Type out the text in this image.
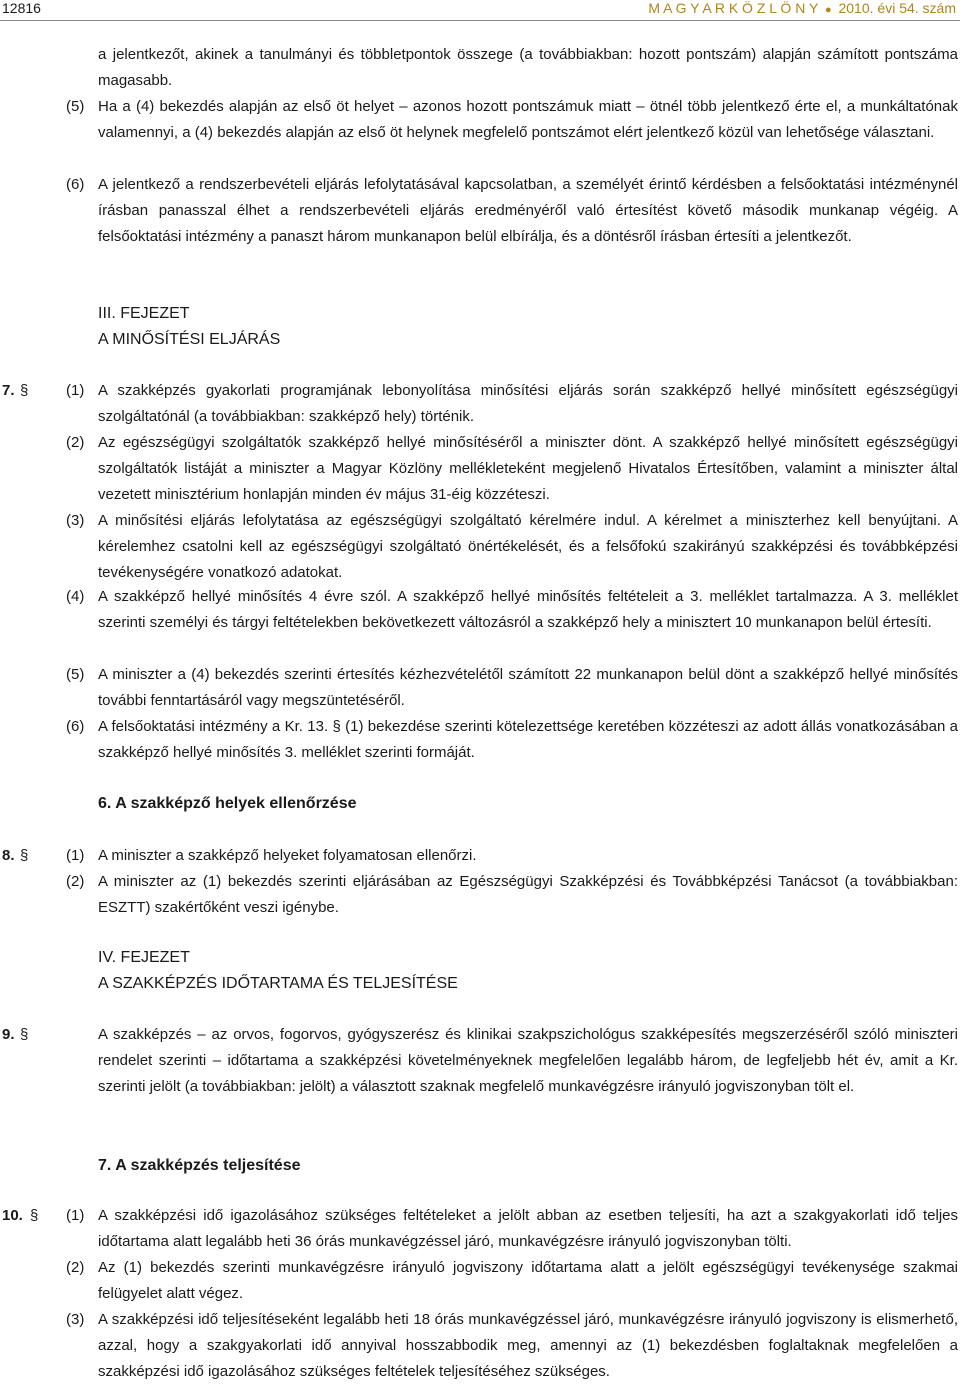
12816	M A G Y A R K Ö Z L Ö N Y ● 2010. évi 54. szám
a jelentkezőt, akinek a tanulmányi és többletpontok összege (a továbbiakban: hozott pontszám) alapján számított pontszáma magasabb.
(5) Ha a (4) bekezdés alapján az első öt helyet – azonos hozott pontszámuk miatt – ötnél több jelentkező érte el, a munkáltatónak valamennyi, a (4) bekezdés alapján az első öt helynek megfelelő pontszámot elért jelentkező közül van lehetősége választani.
(6) A jelentkező a rendszerbevételi eljárás lefolytatásával kapcsolatban, a személyét érintő kérdésben a felsőoktatási intézménynél írásban panasszal élhet a rendszerbevételi eljárás eredményéről való értesítést követő második munkanap végéig. A felsőoktatási intézmény a panaszt három munkanapon belül elbírálja, és a döntésről írásban értesíti a jelentkezőt.
III. FEJEZET
A MINŐSÍTÉSI ELJÁRÁS
7. §	(1) A szakképzés gyakorlati programjának lebonyolítása minősítési eljárás során szakképző hellyé minősített egészségügyi szolgáltatónál (a továbbiakban: szakképző hely) történik.
(2) Az egészségügyi szolgáltatók szakképző hellyé minősítéséről a miniszter dönt. A szakképző hellyé minősített egészségügyi szolgáltatók listáját a miniszter a Magyar Közlöny mellékleteként megjelenő Hivatalos Értesítőben, valamint a miniszter által vezetett minisztérium honlapján minden év május 31-éig közzéteszi.
(3) A minősítési eljárás lefolytatása az egészségügyi szolgáltató kérelmére indul. A kérelmet a miniszterhez kell benyújtani. A kérelemhez csatolni kell az egészségügyi szolgáltató önértékelését, és a felsőfokú szakirányú szakképzési és továbbképzési tevékenységére vonatkozó adatokat.
(4) A szakképző hellyé minősítés 4 évre szól. A szakképző hellyé minősítés feltételeit a 3. melléklet tartalmazza. A 3. melléklet szerinti személyi és tárgyi feltételekben bekövetkezett változásról a szakképző hely a minisztert 10 munkanapon belül értesíti.
(5) A miniszter a (4) bekezdés szerinti értesítés kézhezvételétől számított 22 munkanapon belül dönt a szakképző hellyé minősítés további fenntartásáról vagy megszüntetéséről.
(6) A felsőoktatási intézmény a Kr. 13. § (1) bekezdése szerinti kötelezettsége keretében közzéteszi az adott állás vonatkozásában a szakképző hellyé minősítés 3. melléklet szerinti formáját.
6. A szakképző helyek ellenőrzése
8. §	(1) A miniszter a szakképző helyeket folyamatosan ellenőrzi.
(2) A miniszter az (1) bekezdés szerinti eljárásában az Egészségügyi Szakképzési és Továbbképzési Tanácsot (a továbbiakban: ESZTT) szakértőként veszi igénybe.
IV. FEJEZET
A SZAKKÉPZÉS IDŐTARTAMA ÉS TELJESÍTÉSE
9. §	A szakképzés – az orvos, fogorvos, gyógyszerész és klinikai szakpszichológus szakképesítés megszerzéséről szóló miniszteri rendelet szerinti – időtartama a szakképzési követelményeknek megfelelően legalább három, de legfeljebb hét év, amit a Kr. szerinti jelölt (a továbbiakban: jelölt) a választott szaknak megfelelő munkavégzésre irányuló jogviszonyban tölt el.
7. A szakképzés teljesítése
10. § (1) A szakképzési idő igazolásához szükséges feltételeket a jelölt abban az esetben teljesíti, ha azt a szakgyakorlati idő teljes időtartama alatt legalább heti 36 órás munkavégzéssel járó, munkavégzésre irányuló jogviszonyban tölti.
(2) Az (1) bekezdés szerinti munkavégzésre irányuló jogviszony időtartama alatt a jelölt egészségügyi tevékenysége szakmai felügyelet alatt végez.
(3) A szakképzési idő teljesítéseként legalább heti 18 órás munkavégzéssel járó, munkavégzésre irányuló jogviszony is elismerhető, azzal, hogy a szakgyakorlati idő annyival hosszabbodik meg, amennyi az (1) bekezdésben foglaltaknak megfelelően a szakképzési idő igazolásához szükséges feltételek teljesítéséhez szükséges.
